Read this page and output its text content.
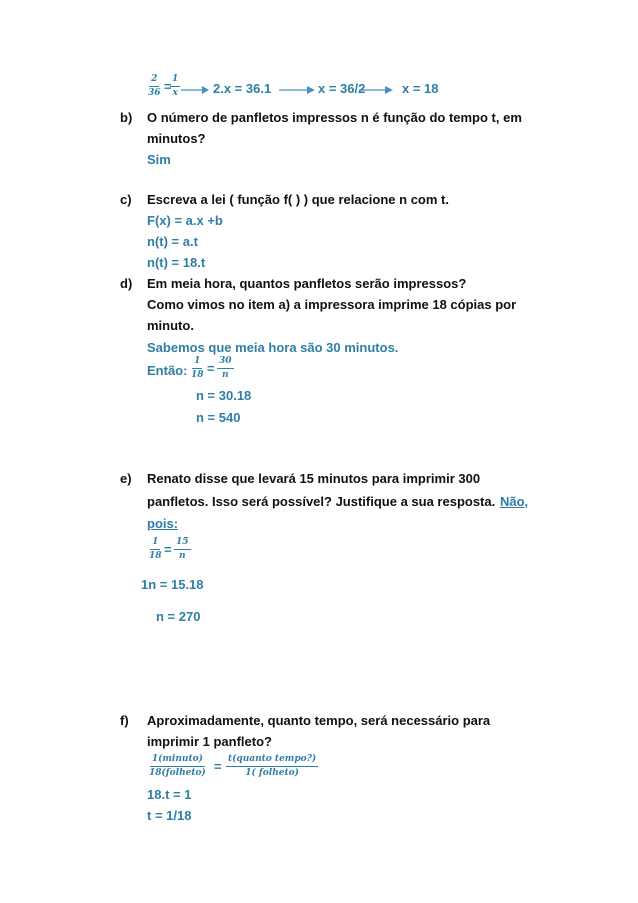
$\frac{2}{36}$ =
$\frac{1}{x}$	2.x = 36.1	x = 36/2	x = 18
b) O número de panfletos impressos n é função do tempo t, em
minutos?
Sim
c) Escreva a lei ( função f( ) ) que relacione n com t.
F(x) = a.x +b
n(t) = a.t
n(t) = 18.t
d) Em meia hora, quantos panfletos serão impressos?
Como vimos no item a) a impressora imprime 18 cópias por
minuto.
Sabemos que meia hora são 30 minutos.
Então: $\frac{1}{18} = \frac{30}{n}$
n = 30.18
n = 540
e) Renato disse que levará 15 minutos para imprimir 300
panfletos. Isso será possível? Justifique a sua resposta. Não,
pois:
$\frac{1}{18} = \frac{15}{n}$
1n = 15.18
n = 270
f) Aproximadamente, quanto tempo, será necessário para
imprimir 1 panfleto?
1(minuto)
18(folheto) = t(quanto tempo?)
1( folheto)
18.t = 1
t = 1/18
